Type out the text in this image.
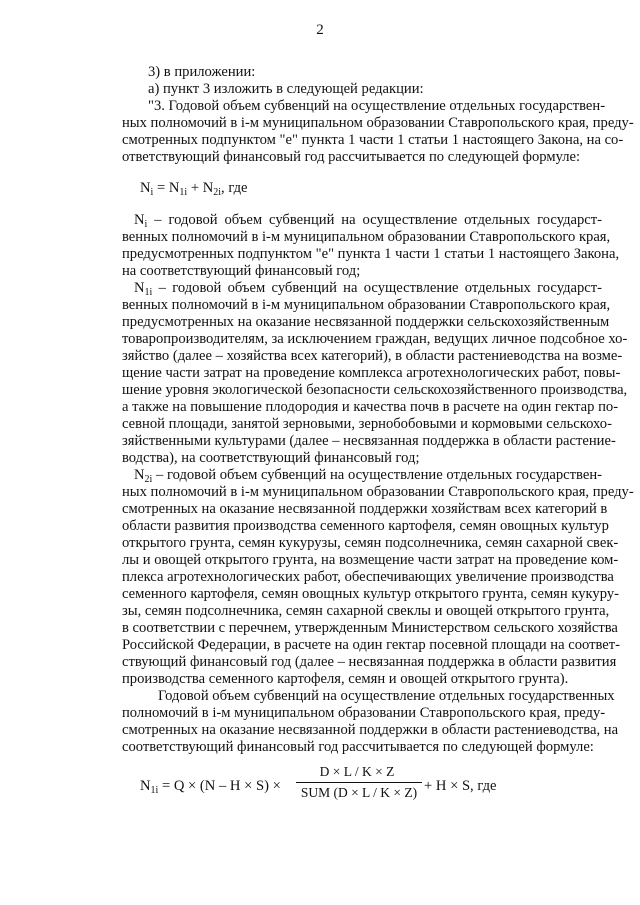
2
3) в приложении:
а) пункт 3 изложить в следующей редакции:
"3. Годовой объем субвенций на осуществление отдельных государствен-
ных полномочий в i-м муниципальном образовании Ставропольского края, преду-
смотренных подпунктом "е" пункта 1 части 1 статьи 1 настоящего Закона, на со-
ответствующий финансовый год рассчитывается по следующей формуле:
$N_i = N_{1i} + N_{2i}$, где
$N_i$ – годовой объем субвенций на осуществление отдельных государст-
венных полномочий в i-м муниципальном образовании Ставропольского края,
предусмотренных подпунктом "е" пункта 1 части 1 статьи 1 настоящего Закона,
на соответствующий финансовый год;
$N_{1i}$ – годовой объем субвенций на осуществление отдельных государст-
венных полномочий в i-м муниципальном образовании Ставропольского края,
предусмотренных на оказание несвязанной поддержки сельскохозяйственным
товаропроизводителям, за исключением граждан, ведущих личное подсобное хо-
зяйство (далее – хозяйства всех категорий), в области растениеводства на возме-
щение части затрат на проведение комплекса агротехнологических работ, повы-
шение уровня экологической безопасности сельскохозяйственного производства,
а также на повышение плодородия и качества почв в расчете на один гектар по-
севной площади, занятой зерновыми, зернобобовыми и кормовыми сельскохо-
зяйственными культурами (далее – несвязанная поддержка в области растение-
водства), на соответствующий финансовый год;
$N_{2i}$ – годовой объем субвенций на осуществление отдельных государствен-
ных полномочий в i-м муниципальном образовании Ставропольского края, преду-
смотренных на оказание несвязанной поддержки хозяйствам всех категорий в
области развития производства семенного картофеля, семян овощных культур
открытого грунта, семян кукурузы, семян подсолнечника, семян сахарной свек-
лы и овощей открытого грунта, на возмещение части затрат на проведение ком-
плекса агротехнологических работ, обеспечивающих увеличение производства
семенного картофеля, семян овощных культур открытого грунта, семян кукуру-
зы, семян подсолнечника, семян сахарной свеклы и овощей открытого грунта,
в соответствии с перечнем, утвержденным Министерством сельского хозяйства
Российской Федерации, в расчете на один гектар посевной площади на соответ-
ствующий финансовый год (далее – несвязанная поддержка в области развития
производства семенного картофеля, семян и овощей открытого грунта).
Годовой объем субвенций на осуществление отдельных государственных
полномочий в i-м муниципальном образовании Ставропольского края, преду-
смотренных на оказание несвязанной поддержки в области растениеводства, на
соответствующий финансовый год рассчитывается по следующей формуле:
$N_{1i} = Q \times (N - H \times S)$ ×
D × L / K × Z
SUM (D × L / K × Z) + H × S, где
